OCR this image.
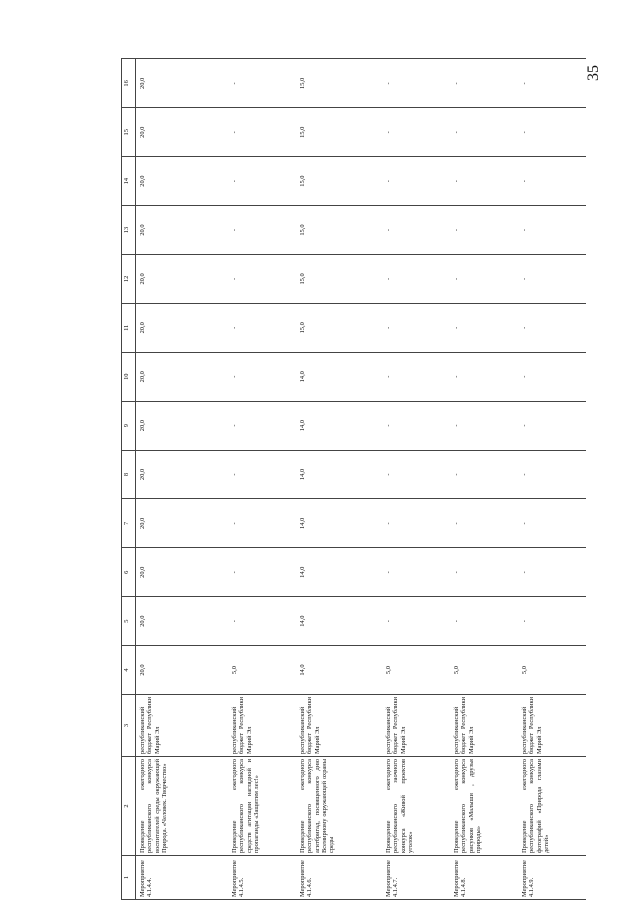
35
1	2	3	4	5	6	7	8	9	10	11	12	13	14	15	16
Мероприятие 4.1.4.4.	Проведение ежегодного республиканского конкурса воспитателей среды окружающей Природа. «Человек. Творчество»	республиканский бюджет Республики Марий Эл	20,0	20,0	20,0	20,0	20,0	20,0	20,0	20,0	20,0	20,0	20,0	20,0	20,0
Мероприятие 4.1.4.5.	Проведение ежегодного республиканского конкурса средств агитации наглядной и пропаганды «Защитим лес!»	республиканский бюджет Республики Марий Эл	5,0	-	-	-	-	-	-	-	-	-	-	-	-
Мероприятие 4.1.4.6.	Проведение ежегодного республиканского конкурса агитбригад, посвященного дню Всемирному окружающей охраны среды	республиканский бюджет Республики Марий Эл	14,0	14,0	14,0	14,0	14,0	14,0	14,0	15,0	15,0	15,0	15,0	15,0	15,0
Мероприятие 4.1.4.7.	Проведение ежегодного республиканского заочного конкурса «Живой проектов уголок»	республиканский бюджет Республики Марий Эл	5,0	-	-	-	-	-	-	-	-	-	-	-	-
Мероприятие 4.1.4.8.	Проведение ежегодного республиканского конкурса рисунков «Малыши , друзья природы»	республиканский бюджет Республики Марий Эл	5,0	-	-	-	-	-	-	-	-	-	-	-	-
Мероприятие 4.1.4.9.	Проведение ежегодного республиканского конкурса фотографий «Природа глазами детей»	республиканский бюджет Республики Марий Эл	5,0	-	-	-	-	-	-	-	-	-	-	-	-
